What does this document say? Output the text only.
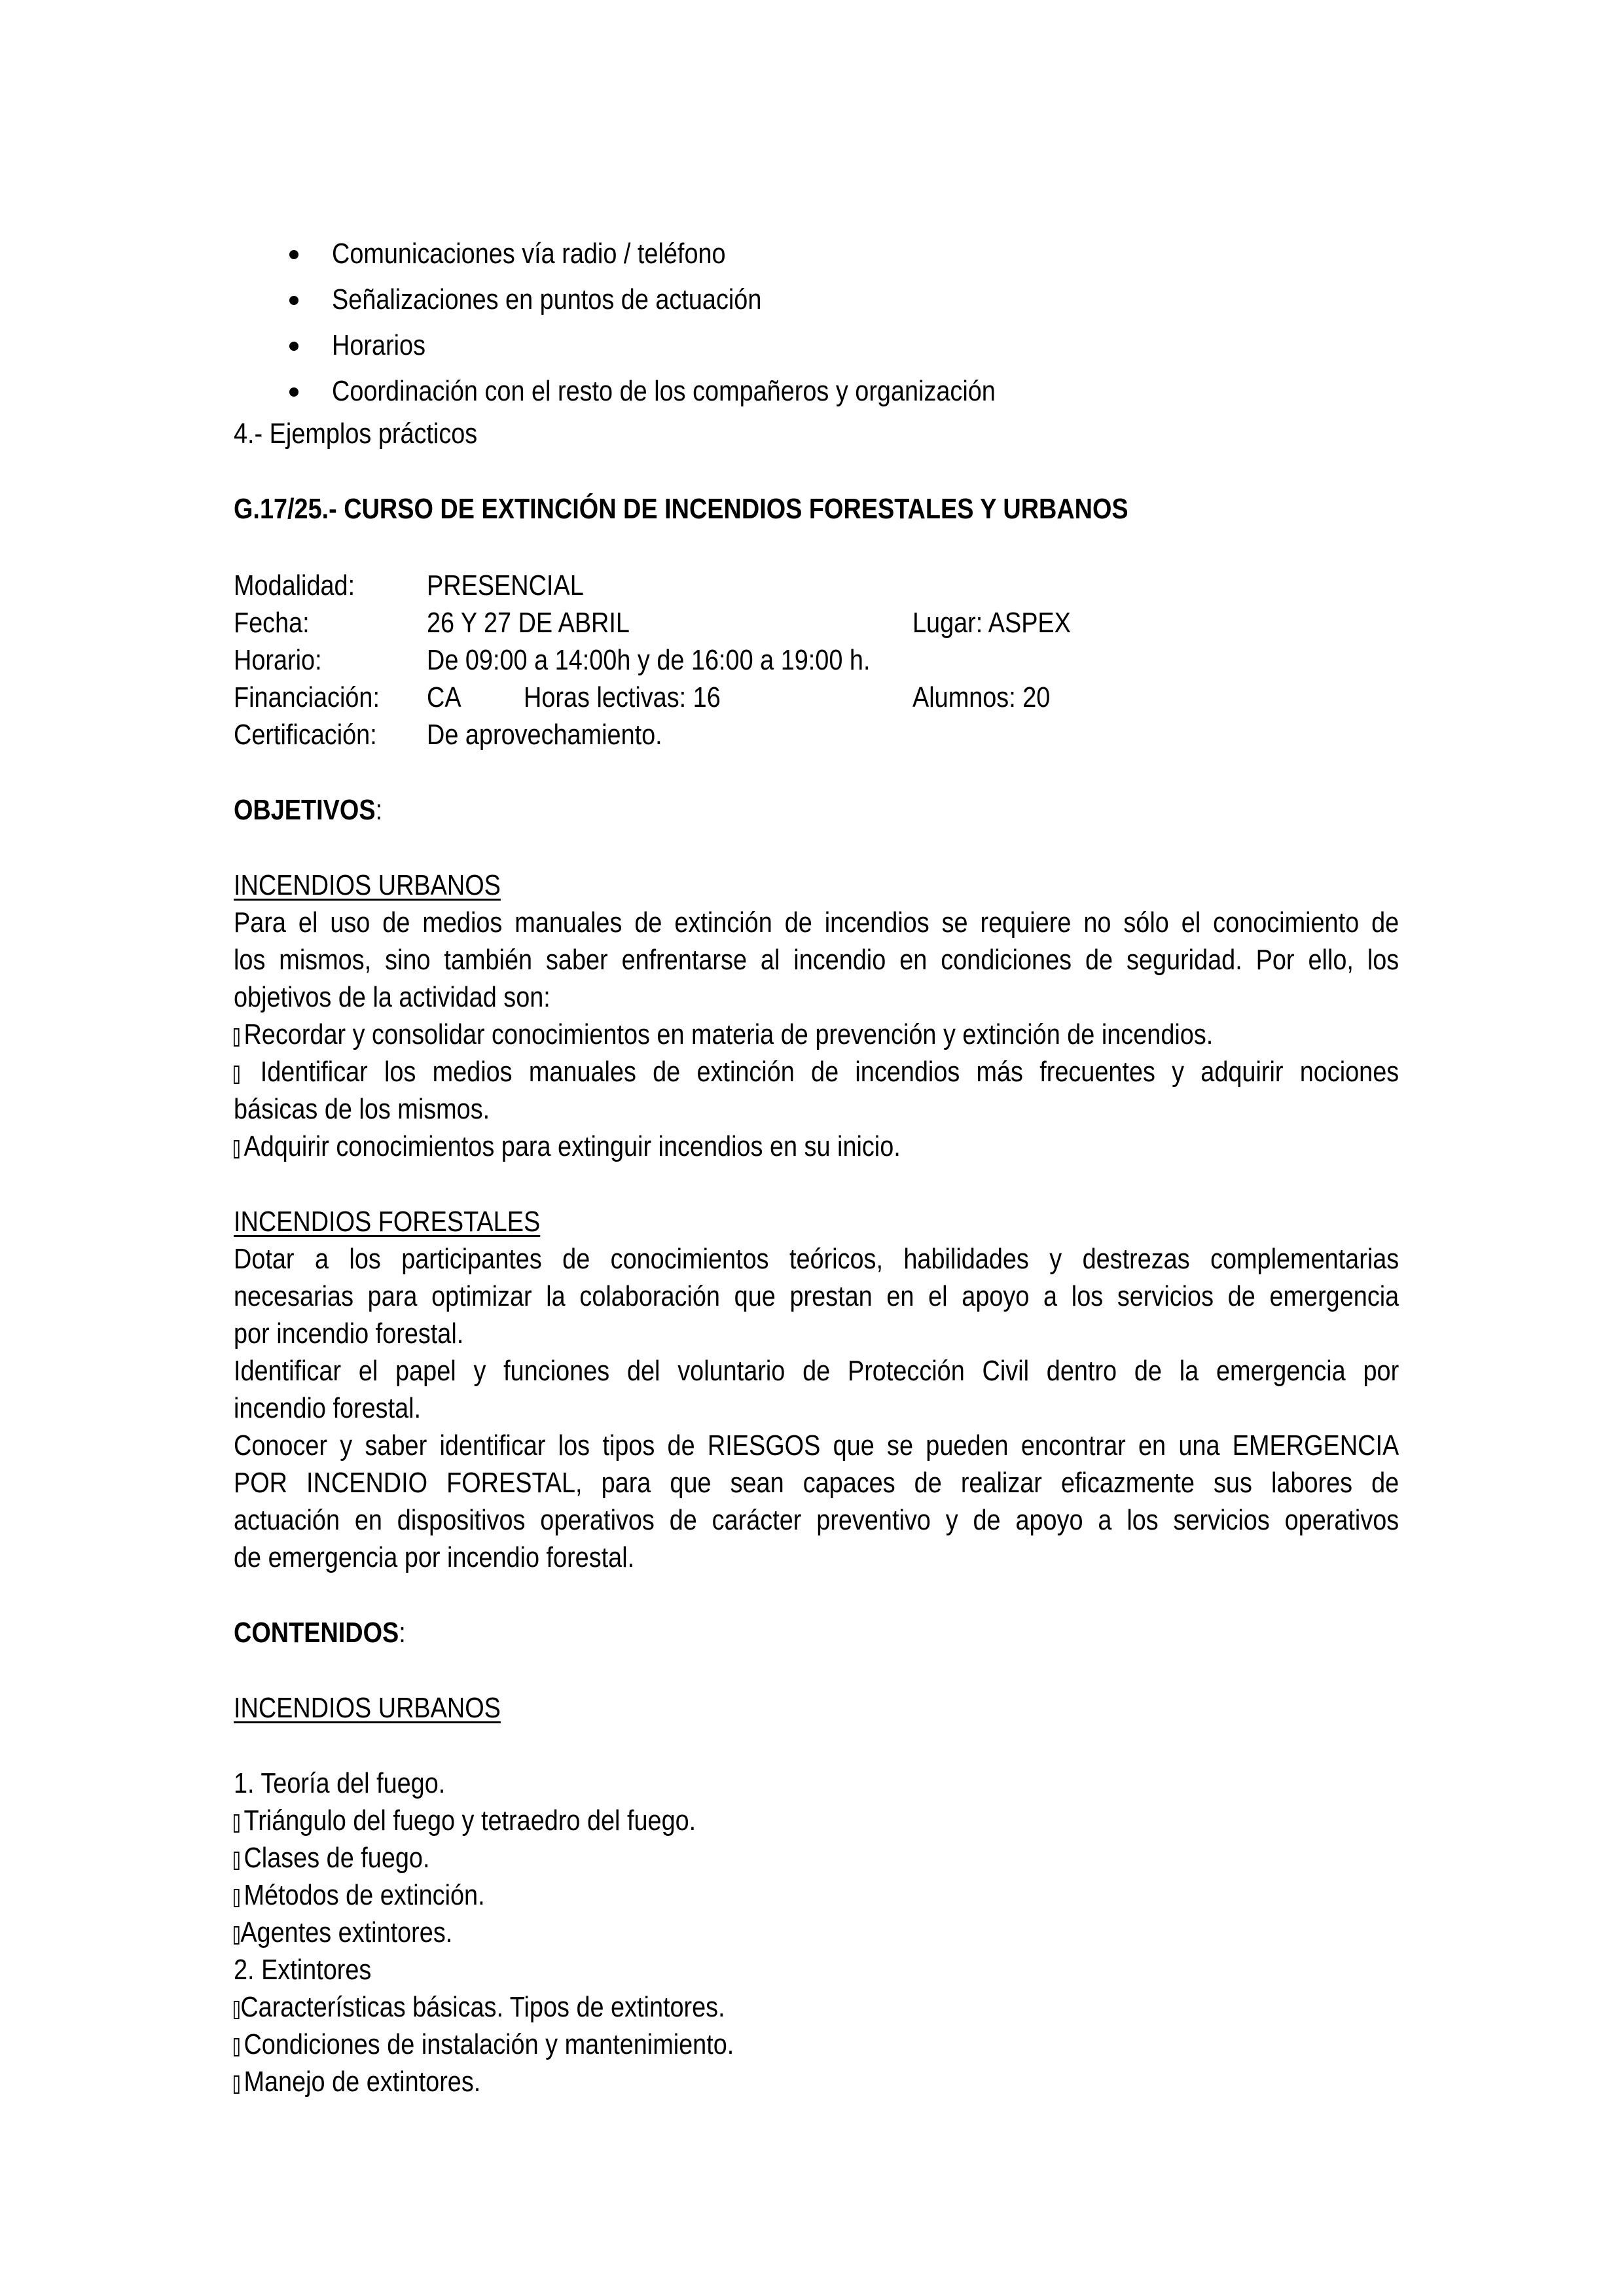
Comunicaciones vía radio / teléfono
Señalizaciones en puntos de actuación
Horarios
Coordinación con el resto de los compañeros y organización
4.- Ejemplos prácticos
G.17/25.- CURSO DE EXTINCIÓN DE INCENDIOS FORESTALES Y URBANOS
Modalidad: PRESENCIAL
Fecha:	26 Y 27 DE ABRIL	Lugar: ASPEX
Horario:	De 09:00 a 14:00h y de 16:00 a 19:00 h.
Financiación: CA Horas lectivas: 16	Alumnos: 20
Certificación: De aprovechamiento.
OBJETIVOS:
INCENDIOS URBANOS
Para el uso de medios manuales de extinción de incendios se requiere no sólo el conocimiento de
los mismos, sino también saber enfrentarse al incendio en condiciones de seguridad. Por ello, los
objetivos de la actividad son:
Recordar y consolidar conocimientos en materia de prevención y extinción de incendios.
Identificar los medios manuales de extinción de incendios más frecuentes y adquirir nociones
básicas de los mismos.
Adquirir conocimientos para extinguir incendios en su inicio.
INCENDIOS FORESTALES
Dotar a los participantes de conocimientos teóricos, habilidades y destrezas complementarias
necesarias para optimizar la colaboración que prestan en el apoyo a los servicios de emergencia
por incendio forestal.
Identificar el papel y funciones del voluntario de Protección Civil dentro de la emergencia por
incendio forestal.
Conocer y saber identificar los tipos de RIESGOS que se pueden encontrar en una EMERGENCIA
POR INCENDIO FORESTAL, para que sean capaces de realizar eficazmente sus labores de
actuación en dispositivos operativos de carácter preventivo y de apoyo a los servicios operativos
de emergencia por incendio forestal.
CONTENIDOS:
INCENDIOS URBANOS
1. Teoría del fuego.
Triángulo del fuego y tetraedro del fuego.
Clases de fuego.
Métodos de extinción.
Agentes extintores.
2. Extintores
Características básicas. Tipos de extintores.
Condiciones de instalación y mantenimiento.
Manejo de extintores.
